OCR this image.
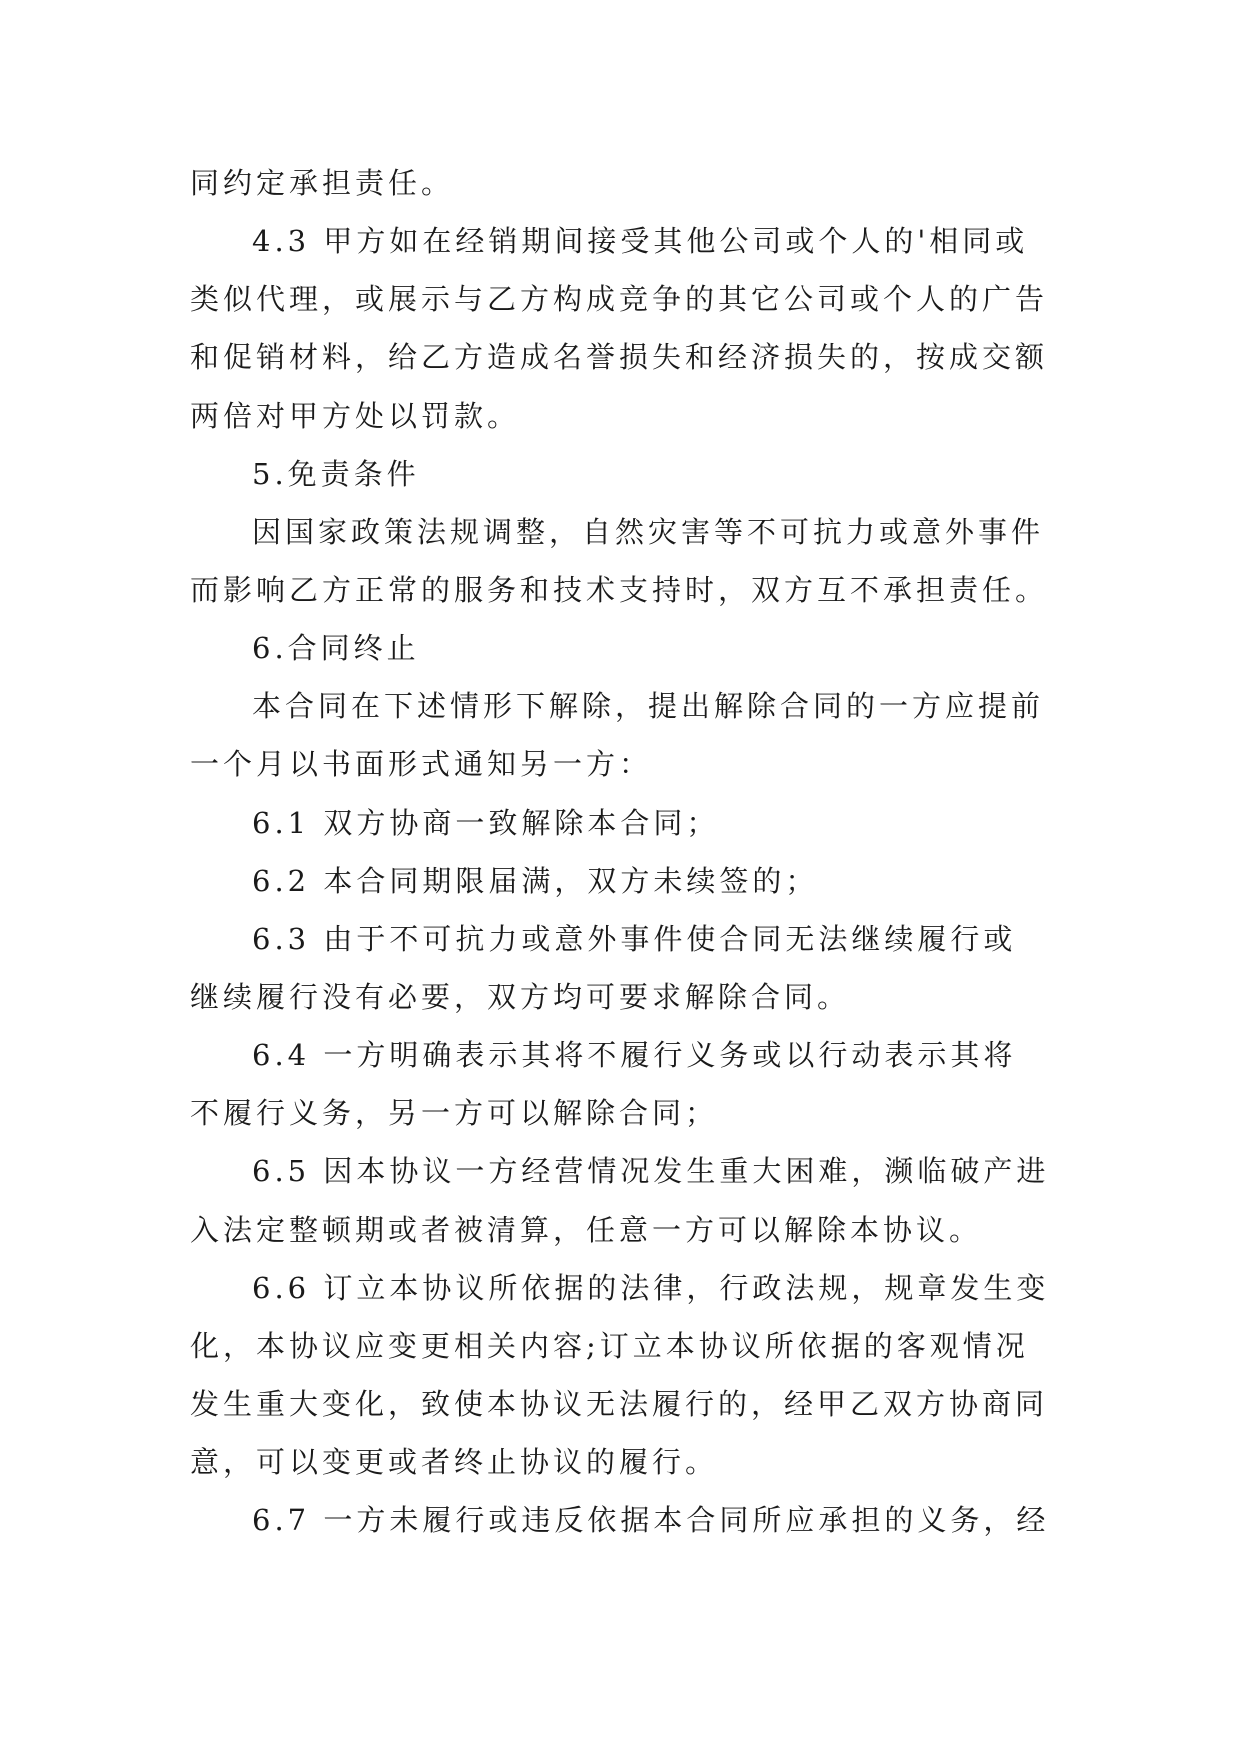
同约定承担责任。
4.3 甲方如在经销期间接受其他公司或个人的'相同或
类似代理，或展示与乙方构成竞争的其它公司或个人的广告
和促销材料，给乙方造成名誉损失和经济损失的，按成交额
两倍对甲方处以罚款。
5.免责条件
因国家政策法规调整，自然灾害等不可抗力或意外事件
而影响乙方正常的服务和技术支持时，双方互不承担责任。
6.合同终止
本合同在下述情形下解除，提出解除合同的一方应提前
一个月以书面形式通知另一方：
6.1 双方协商一致解除本合同；
6.2 本合同期限届满，双方未续签的；
6.3 由于不可抗力或意外事件使合同无法继续履行或
继续履行没有必要，双方均可要求解除合同。
6.4 一方明确表示其将不履行义务或以行动表示其将
不履行义务，另一方可以解除合同；
6.5 因本协议一方经营情况发生重大困难，濒临破产进
入法定整顿期或者被清算，任意一方可以解除本协议。
6.6 订立本协议所依据的法律，行政法规，规章发生变
化，本协议应变更相关内容;订立本协议所依据的客观情况
发生重大变化，致使本协议无法履行的，经甲乙双方协商同
意，可以变更或者终止协议的履行。
6.7 一方未履行或违反依据本合同所应承担的义务，经
